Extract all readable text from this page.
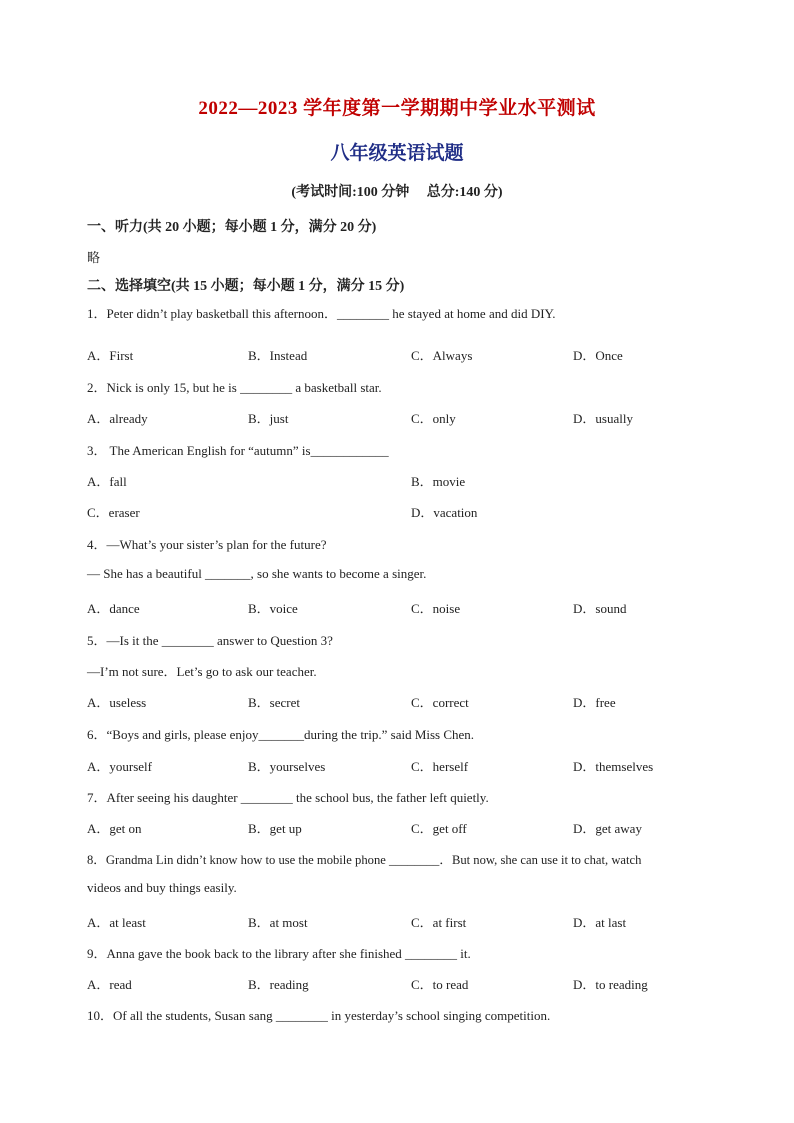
2022—2023 学年度第一学期期中学业水平测试
八年级英语试题
(考试时间:100 分钟     总分:140 分)
一、听力(共 20 小题；每小题 1 分，满分 20 分)
略
二、选择填空(共 15 小题；每小题 1 分，满分 15 分)
1．Peter didn’t play basketball this afternoon．________ he stayed at home and did DIY.
A．First	B．Instead	C．Always	D．Once
2．Nick is only 15, but he is ________ a basketball star.
A．already	B．just	C．only	D．usually
3． The American English for “autumn” is____________
A．fall	B．movie
C．eraser	D．vacation
4．—What’s your sister’s plan for the future?
— She has a beautiful _______, so she wants to become a singer.
A．dance	B．voice	C．noise	D．sound
5．—Is it the ________ answer to Question 3?
—I’m not sure．Let’s go to ask our teacher.
A．useless	B．secret	C．correct	D．free
6．“Boys and girls, please enjoy_______during the trip.” said Miss Chen.
A．yourself	B．yourselves	C．herself	D．themselves
7．After seeing his daughter ________ the school bus, the father left quietly.
A．get on	B．get up	C．get off	D．get away
8．Grandma Lin didn’t know how to use the mobile phone ________．But now, she can use it to chat, watch
videos and buy things easily.
A．at least	B．at most	C．at first	D．at last
9．Anna gave the book back to the library after she finished ________ it.
A．read	B．reading	C．to read	D．to reading
10．Of all the students, Susan sang ________ in yesterday’s school singing competition.
